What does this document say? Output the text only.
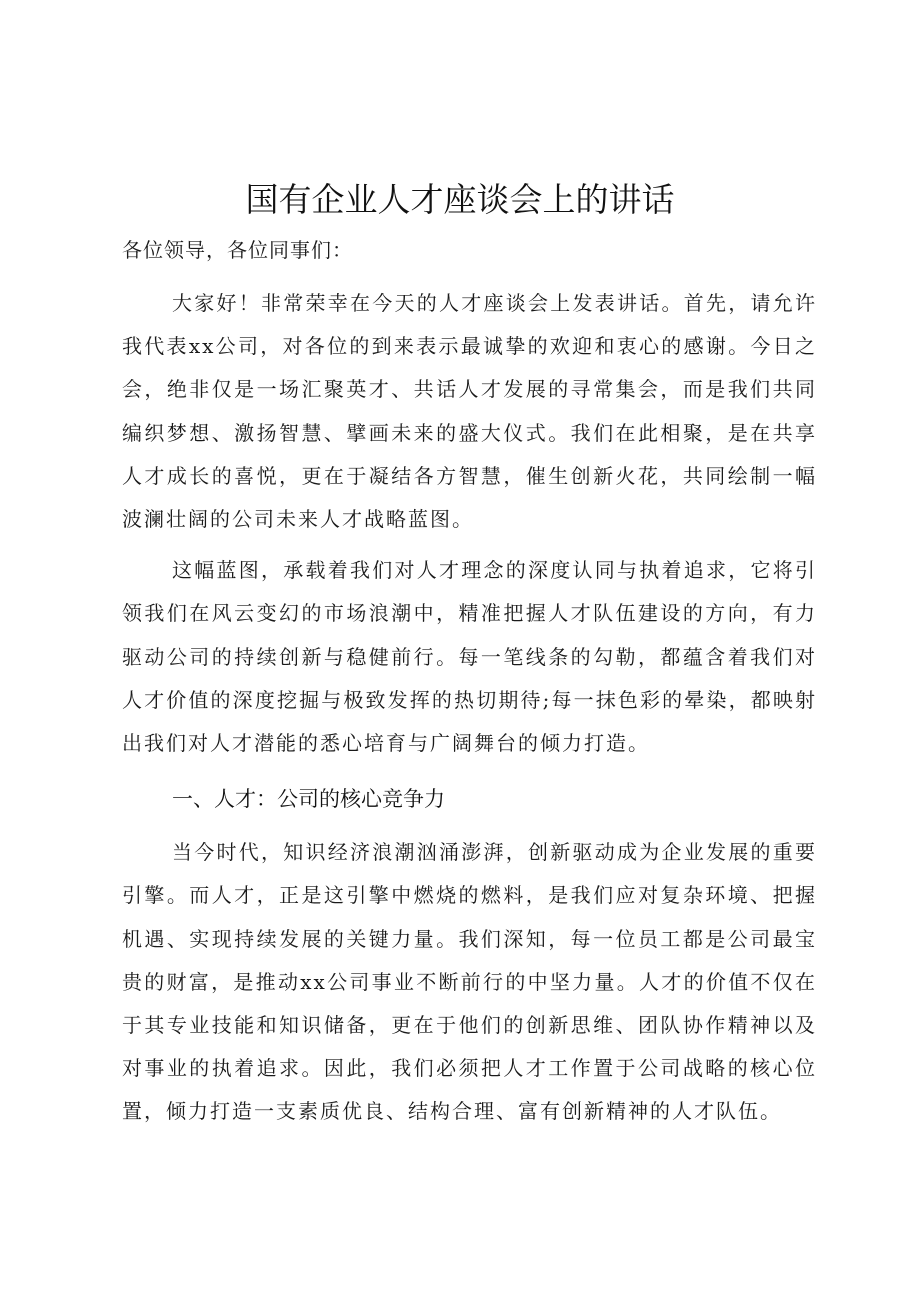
国有企业人才座谈会上的讲话

各位领导，各位同事们：

大家好！非常荣幸在今天的人才座谈会上发表讲话。首先，请允许我代表xx公司，对各位的到来表示最诚挚的欢迎和衷心的感谢。今日之会，绝非仅是一场汇聚英才、共话人才发展的寻常集会，而是我们共同编织梦想、激扬智慧、擘画未来的盛大仪式。我们在此相聚，是在共享人才成长的喜悦，更在于凝结各方智慧，催生创新火花，共同绘制一幅波澜壮阔的公司未来人才战略蓝图。

这幅蓝图，承载着我们对人才理念的深度认同与执着追求，它将引领我们在风云变幻的市场浪潮中，精准把握人才队伍建设的方向，有力驱动公司的持续创新与稳健前行。每一笔线条的勾勒，都蕴含着我们对人才价值的深度挖掘与极致发挥的热切期待;每一抹色彩的晕染，都映射出我们对人才潜能的悉心培育与广阔舞台的倾力打造。

一、人才：公司的核心竞争力

当今时代，知识经济浪潮汹涌澎湃，创新驱动成为企业发展的重要引擎。而人才，正是这引擎中燃烧的燃料，是我们应对复杂环境、把握机遇、实现持续发展的关键力量。我们深知，每一位员工都是公司最宝贵的财富，是推动xx公司事业不断前行的中坚力量。人才的价值不仅在于其专业技能和知识储备，更在于他们的创新思维、团队协作精神以及对事业的执着追求。因此，我们必须把人才工作置于公司战略的核心位置，倾力打造一支素质优良、结构合理、富有创新精神的人才队伍。
